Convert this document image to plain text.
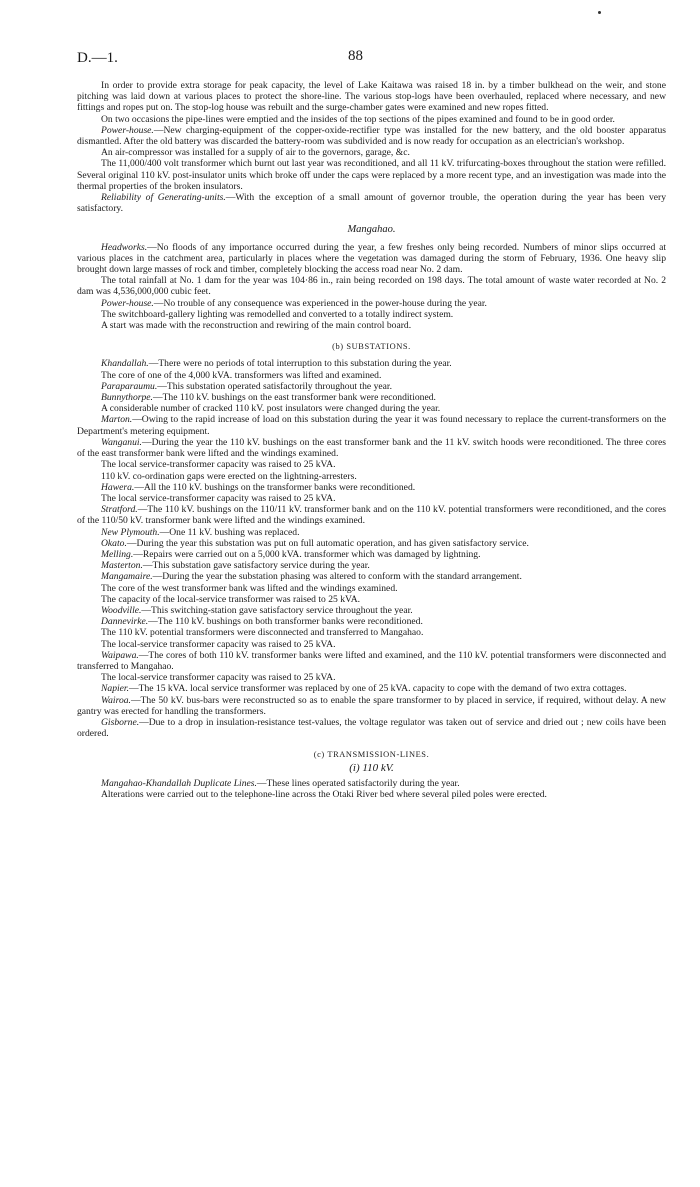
D.—1.	88

In order to provide extra storage for peak capacity, the level of Lake Kaitawa was raised 18 in. by a timber bulkhead on the weir, and stone pitching was laid down at various places to protect the shore-line. The various stop-logs have been overhauled, replaced where necessary, and new fittings and ropes put on. The stop-log house was rebuilt and the surge-chamber gates were examined and new ropes fitted.

On two occasions the pipe-lines were emptied and the insides of the top sections of the pipes examined and found to be in good order.

Power-house.—New charging-equipment of the copper-oxide-rectifier type was installed for the new battery, and the old booster apparatus dismantled. After the old battery was discarded the battery-room was subdivided and is now ready for occupation as an electrician's workshop.

An air-compressor was installed for a supply of air to the governors, garage, &c.

The 11,000/400 volt transformer which burnt out last year was reconditioned, and all 11 kV. trifurcating-boxes throughout the station were refilled. Several original 110 kV. post-insulator units which broke off under the caps were replaced by a more recent type, and an investigation was made into the thermal properties of the broken insulators.

Reliability of Generating-units.—With the exception of a small amount of governor trouble, the operation during the year has been very satisfactory.

Mangahao.

Headworks.—No floods of any importance occurred during the year, a few freshes only being recorded. Numbers of minor slips occurred at various places in the catchment area, particularly in places where the vegetation was damaged during the storm of February, 1936. One heavy slip brought down large masses of rock and timber, completely blocking the access road near No. 2 dam.

The total rainfall at No. 1 dam for the year was 104·86 in., rain being recorded on 198 days. The total amount of waste water recorded at No. 2 dam was 4,536,000,000 cubic feet.

Power-house.—No trouble of any consequence was experienced in the power-house during the year.

The switchboard-gallery lighting was remodelled and converted to a totally indirect system.

A start was made with the reconstruction and rewiring of the main control board.

(b) SUBSTATIONS.

Khandallah.—There were no periods of total interruption to this substation during the year.

The core of one of the 4,000 kVA. transformers was lifted and examined.

Paraparaumu.—This substation operated satisfactorily throughout the year.

Bunnythorpe.—The 110 kV. bushings on the east transformer bank were reconditioned.

A considerable number of cracked 110 kV. post insulators were changed during the year.

Marton.—Owing to the rapid increase of load on this substation during the year it was found necessary to replace the current-transformers on the Department's metering equipment.

Wanganui.—During the year the 110 kV. bushings on the east transformer bank and the 11 kV. switch hoods were reconditioned. The three cores of the east transformer bank were lifted and the windings examined.

The local service-transformer capacity was raised to 25 kVA.

110 kV. co-ordination gaps were erected on the lightning-arresters.

Hawera.—All the 110 kV. bushings on the transformer banks were reconditioned.

The local service-transformer capacity was raised to 25 kVA.

Stratford.—The 110 kV. bushings on the 110/11 kV. transformer bank and on the 110 kV. potential transformers were reconditioned, and the cores of the 110/50 kV. transformer bank were lifted and the windings examined.

New Plymouth.—One 11 kV. bushing was replaced.

Okato.—During the year this substation was put on full automatic operation, and has given satisfactory service.

Melling.—Repairs were carried out on a 5,000 kVA. transformer which was damaged by lightning.

Masterton.—This substation gave satisfactory service during the year.

Mangamaire.—During the year the substation phasing was altered to conform with the standard arrangement.

The core of the west transformer bank was lifted and the windings examined.

The capacity of the local-service transformer was raised to 25 kVA.

Woodville.—This switching-station gave satisfactory service throughout the year.

Dannevirke.—The 110 kV. bushings on both transformer banks were reconditioned.

The 110 kV. potential transformers were disconnected and transferred to Mangahao.

The local-service transformer capacity was raised to 25 kVA.

Waipawa.—The cores of both 110 kV. transformer banks were lifted and examined, and the 110 kV. potential transformers were disconnected and transferred to Mangahao.

The local-service transformer capacity was raised to 25 kVA.

Napier.—The 15 kVA. local service transformer was replaced by one of 25 kVA. capacity to cope with the demand of two extra cottages.

Wairoa.—The 50 kV. bus-bars were reconstructed so as to enable the spare transformer to by placed in service, if required, without delay. A new gantry was erected for handling the transformers.

Gisborne.—Due to a drop in insulation-resistance test-values, the voltage regulator was taken out of service and dried out ; new coils have been ordered.

(c) TRANSMISSION-LINES.

(i) 110 kV.

Mangahao-Khandallah Duplicate Lines.—These lines operated satisfactorily during the year.

Alterations were carried out to the telephone-line across the Otaki River bed where several piled poles were erected.
